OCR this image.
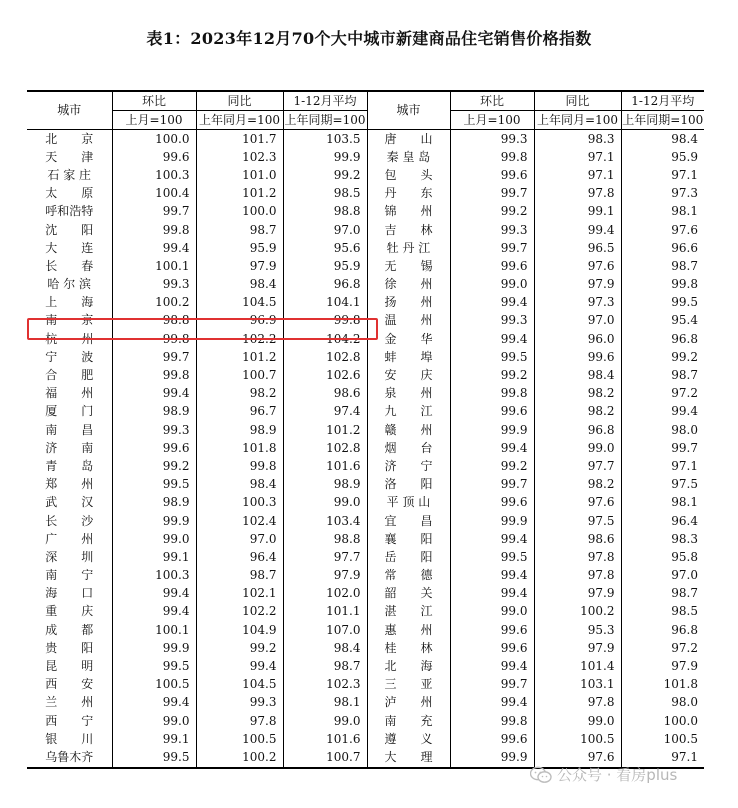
表1：2023年12月70个大中城市新建商品住宅销售价格指数
城市	环比	同比	1-12月平均	城市	环比	同比	1-12月平均
	上月=100	上年同月=100	上年同期=100		上月=100	上年同月=100	上年同期=100
北　　京	100.0	101.7	103.5	唐　　山	99.3	98.3	98.4
天　　津	99.6	102.3	99.9	秦 皇 岛	99.8	97.1	95.9
石 家 庄	100.3	101.0	99.2	包　　头	99.6	97.1	97.1
太　　原	100.4	101.2	98.5	丹　　东	99.7	97.8	97.3
呼和浩特	99.7	100.0	98.8	锦　　州	99.2	99.1	98.1
沈　　阳	99.8	98.7	97.0	吉　　林	99.3	99.4	97.6
大　　连	99.4	95.9	95.6	牡 丹 江	99.7	96.5	96.6
长　　春	100.1	97.9	95.9	无　　锡	99.6	97.6	98.7
哈 尔 滨	99.3	98.4	96.8	徐　　州	99.0	97.9	99.8
上　　海	100.2	104.5	104.1	扬　　州	99.4	97.3	99.5
南　　京	98.8	96.9	99.8	温　　州	99.3	97.0	95.4
杭　　州	99.8	102.2	104.2	金　　华	99.4	96.0	96.8
宁　　波	99.7	101.2	102.8	蚌　　埠	99.5	99.6	99.2
合　　肥	99.8	100.7	102.6	安　　庆	99.2	98.4	98.7
福　　州	99.4	98.2	98.6	泉　　州	99.8	98.2	97.2
厦　　门	98.9	96.7	97.4	九　　江	99.6	98.2	99.4
南　　昌	99.3	98.9	101.2	赣　　州	99.9	96.8	98.0
济　　南	99.6	101.8	102.8	烟　　台	99.4	99.0	99.7
青　　岛	99.2	99.8	101.6	济　　宁	99.2	97.7	97.1
郑　　州	99.5	98.4	98.9	洛　　阳	99.7	98.2	97.5
武　　汉	98.9	100.3	99.0	平 顶 山	99.6	97.6	98.1
长　　沙	99.9	102.4	103.4	宜　　昌	99.9	97.5	96.4
广　　州	99.0	97.0	98.8	襄　　阳	99.4	98.6	98.3
深　　圳	99.1	96.4	97.7	岳　　阳	99.5	97.8	95.8
南　　宁	100.3	98.7	97.9	常　　德	99.4	97.8	97.0
海　　口	99.4	102.1	102.0	韶　　关	99.4	97.9	98.7
重　　庆	99.4	102.2	101.1	湛　　江	99.0	100.2	98.5
成　　都	100.1	104.9	107.0	惠　　州	99.6	95.3	96.8
贵　　阳	99.9	99.2	98.4	桂　　林	99.6	97.9	97.2
昆　　明	99.5	99.4	98.7	北　　海	99.4	101.4	97.9
西　　安	100.5	104.5	102.3	三　　亚	99.7	103.1	101.8
兰　　州	99.4	99.3	98.1	泸　　州	99.4	97.8	98.0
西　　宁	99.0	97.8	99.0	南　　充	99.8	99.0	100.0
银　　川	99.1	100.5	101.6	遵　　义	99.6	100.5	100.5
乌鲁木齐	99.5	100.2	100.7	大　　理	99.9	97.6	97.1
公众号 · 看房plus
